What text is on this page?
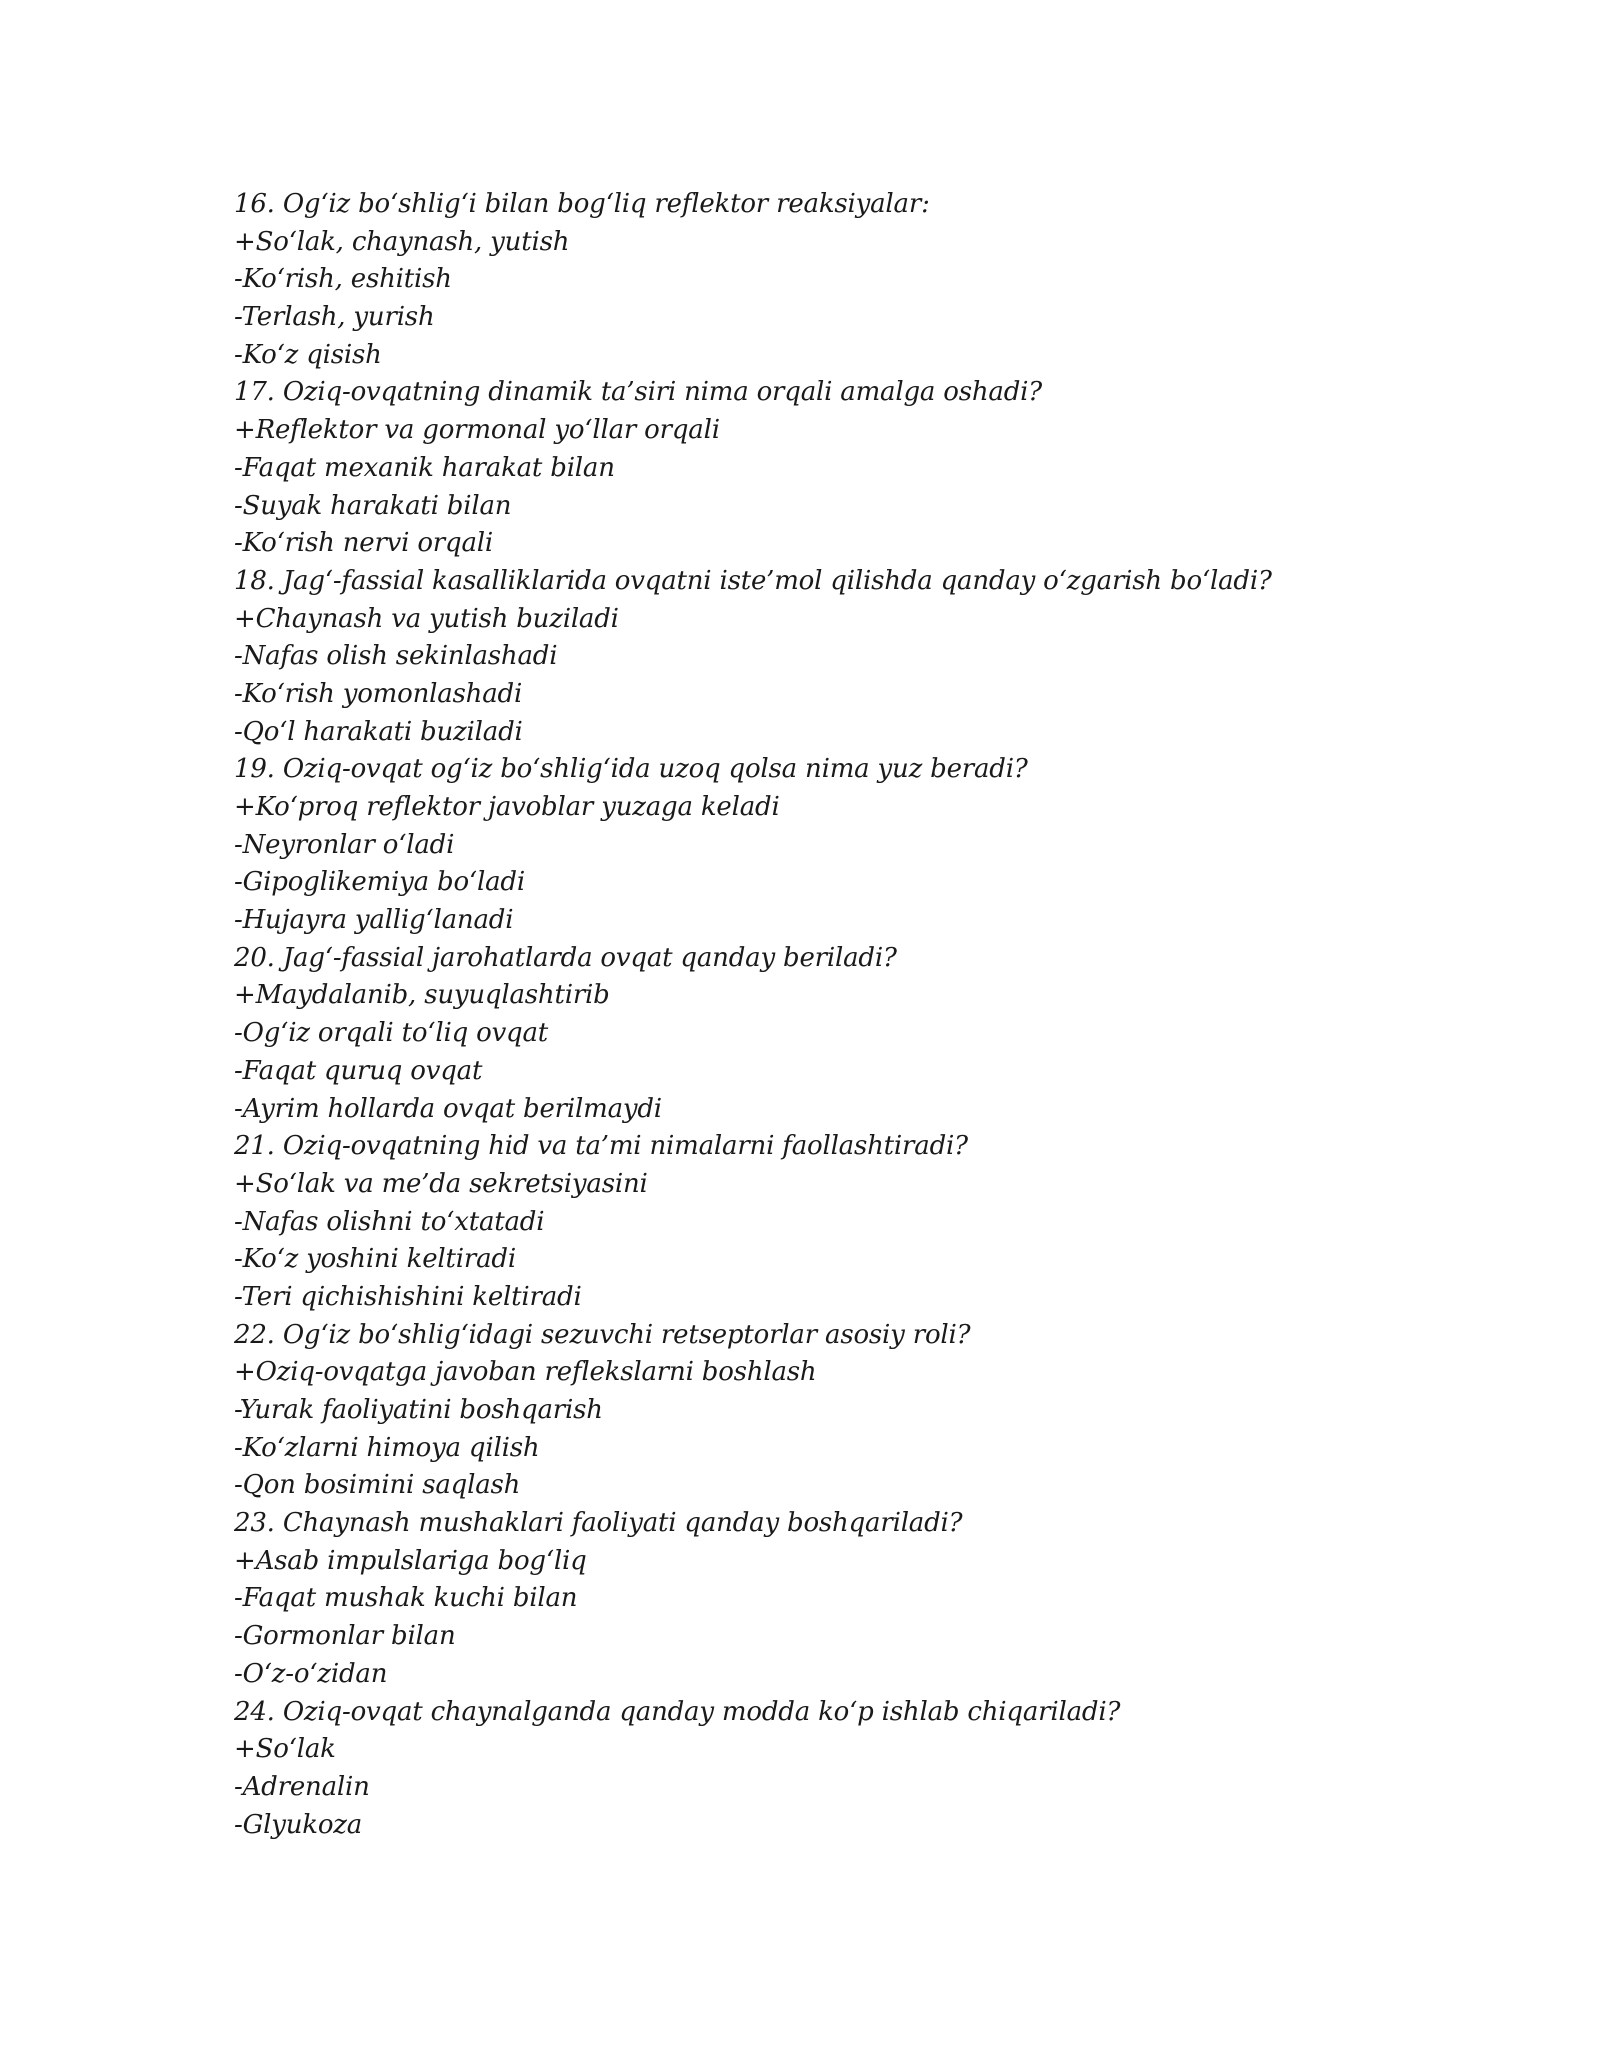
16. Og‘iz bo‘shlig‘i bilan bog‘liq reflektor reaksiyalar:
+So‘lak, chaynash, yutish
-Ko‘rish, eshitish
-Terlash, yurish
-Ko‘z qisish
17. Oziq-ovqatning dinamik ta’siri nima orqali amalga oshadi?
+Reflektor va gormonal yo‘llar orqali
-Faqat mexanik harakat bilan
-Suyak harakati bilan
-Ko‘rish nervi orqali
18. Jag‘-fassial kasalliklarida ovqatni iste’mol qilishda qanday o‘zgarish bo‘ladi?
+Chaynash va yutish buziladi
-Nafas olish sekinlashadi
-Ko‘rish yomonlashadi
-Qo‘l harakati buziladi
19. Oziq-ovqat og‘iz bo‘shlig‘ida uzoq qolsa nima yuz beradi?
+Ko‘proq reflektor javoblar yuzaga keladi
-Neyronlar o‘ladi
-Gipoglikemiya bo‘ladi
-Hujayra yallig‘lanadi
20. Jag‘-fassial jarohatlarda ovqat qanday beriladi?
+Maydalanib, suyuqlashtirib
-Og‘iz orqali to‘liq ovqat
-Faqat quruq ovqat
-Ayrim hollarda ovqat berilmaydi
21. Oziq-ovqatning hid va ta’mi nimalarni faollashtiradi?
+So‘lak va me’da sekretsiyasini
-Nafas olishni to‘xtatadi
-Ko‘z yoshini keltiradi
-Teri qichishishini keltiradi
22. Og‘iz bo‘shlig‘idagi sezuvchi retseptorlar asosiy roli?
+Oziq-ovqatga javoban reflekslarni boshlash
-Yurak faoliyatini boshqarish
-Ko‘zlarni himoya qilish
-Qon bosimini saqlash
23. Chaynash mushaklari faoliyati qanday boshqariladi?
+Asab impulslariga bog‘liq
-Faqat mushak kuchi bilan
-Gormonlar bilan
-O‘z-o‘zidan
24. Oziq-ovqat chaynalganda qanday modda ko‘p ishlab chiqariladi?
+So‘lak
-Adrenalin
-Glyukoza
